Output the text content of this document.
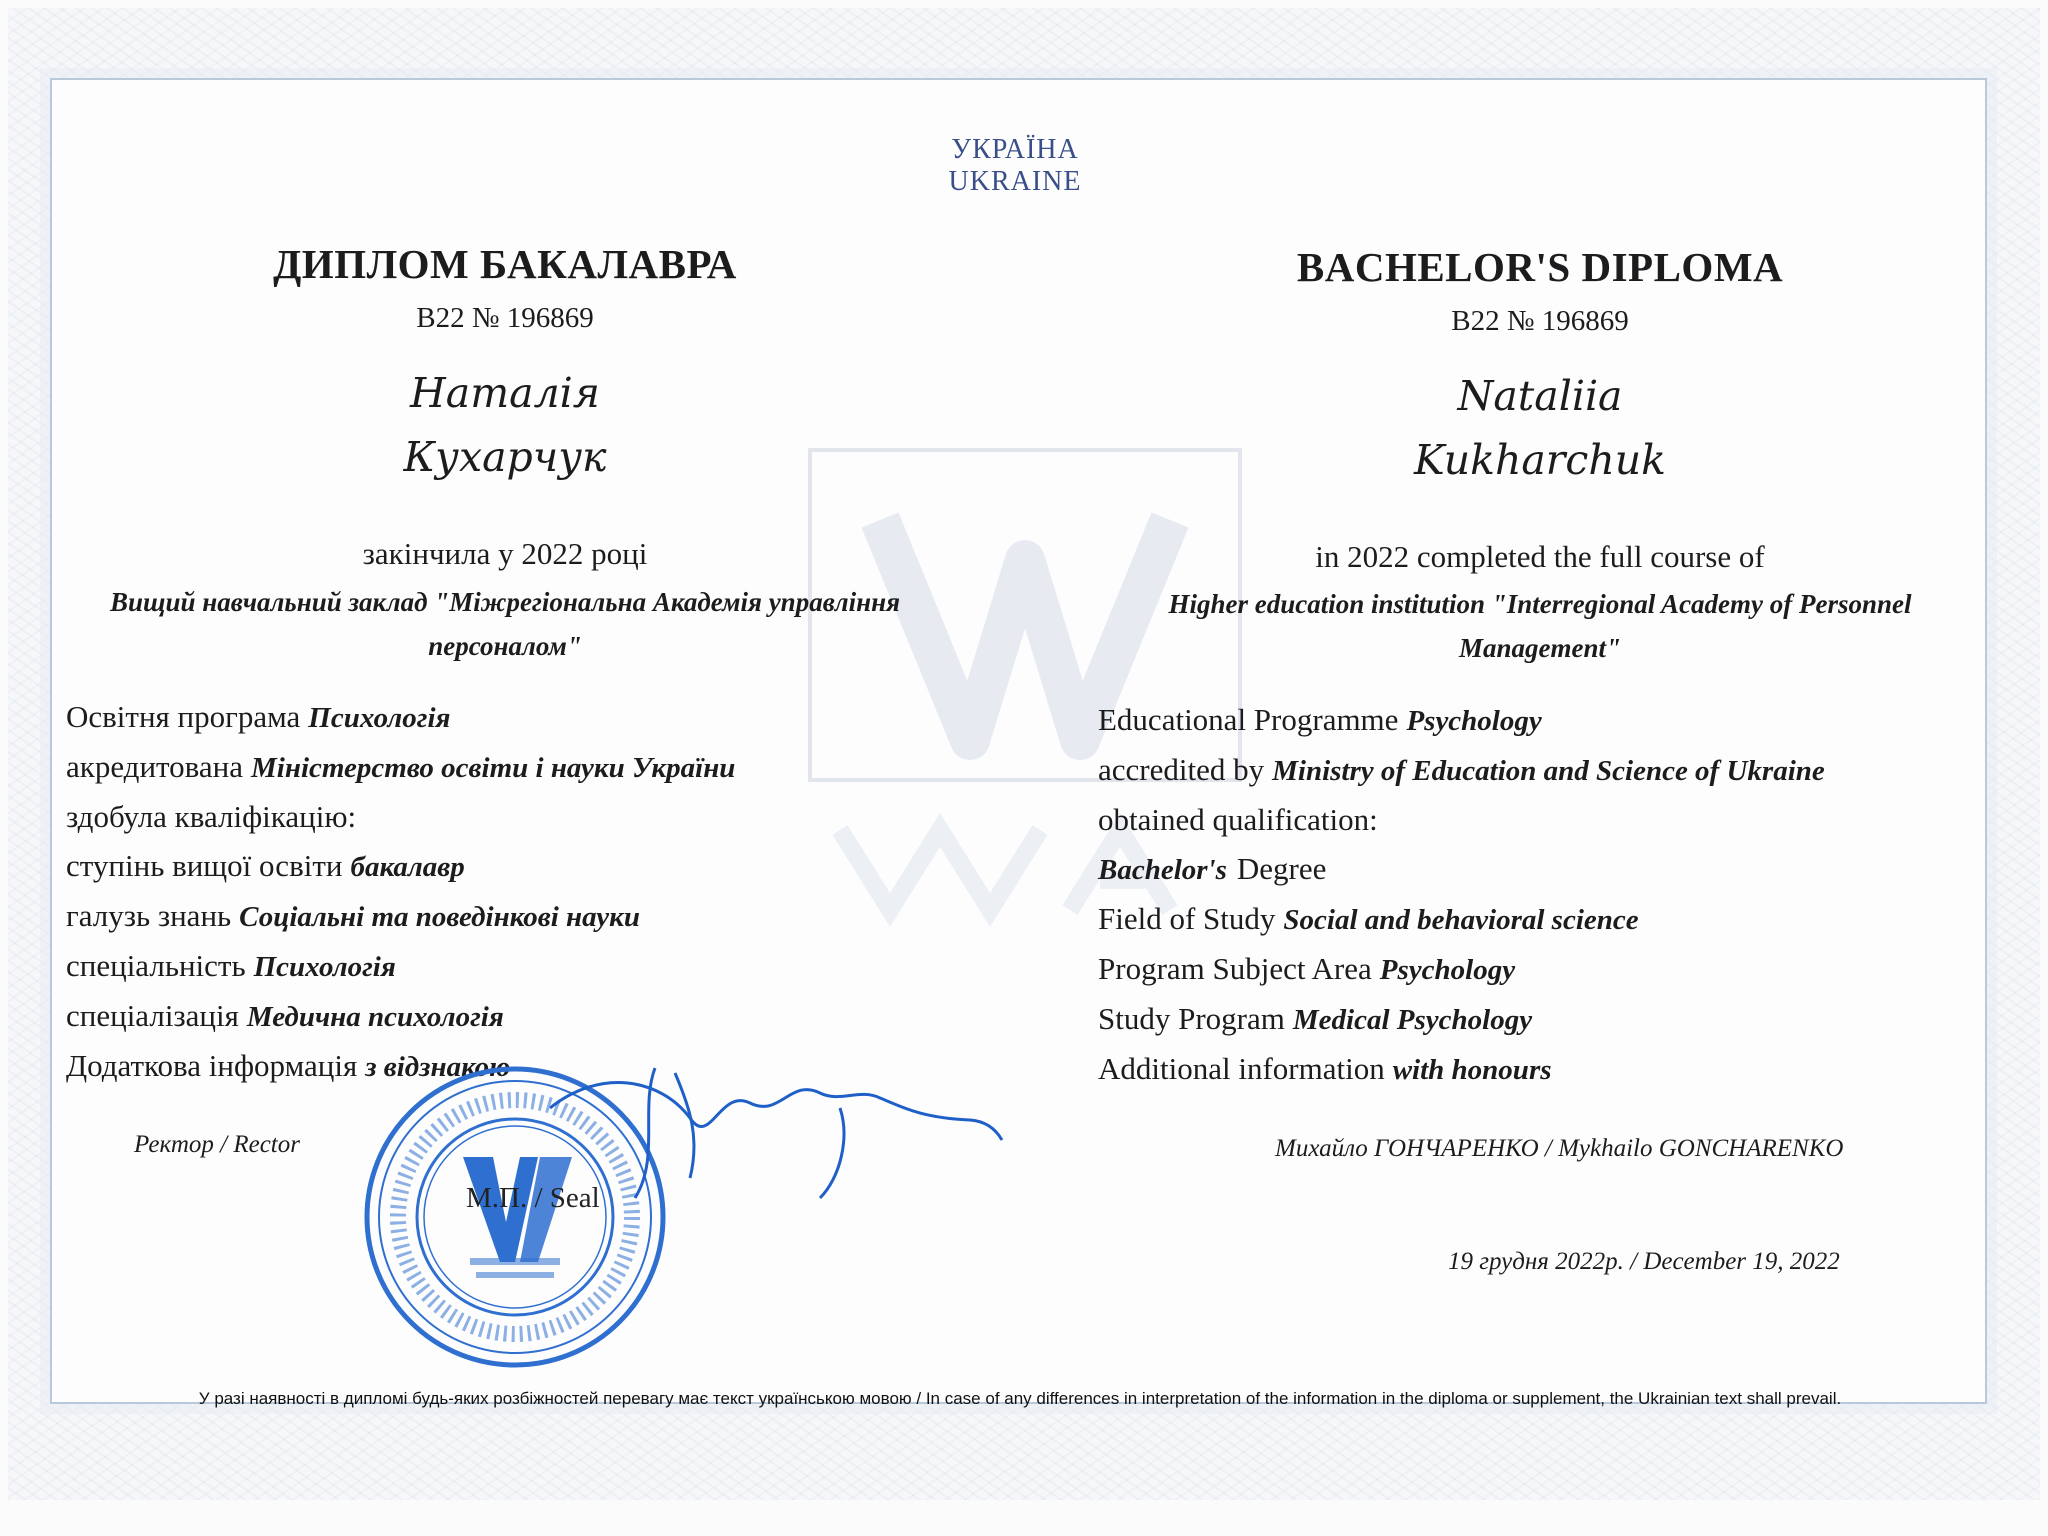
УКРАЇНА
UKRAINE
ДИПЛОМ БАКАЛАВРА
B22 № 196869
Наталія
Кухарчук
закінчила у 2022 році
Вищий навчальний заклад "Міжрегіональна Академія управління персоналом"
Освітня програма Психологія
акредитована Міністерство освіти і науки України
здобула кваліфікацію:
ступінь вищої освіти бакалавр
галузь знань Соціальні та поведінкові науки
спеціальність Психологія
спеціалізація Медична психологія
Додаткова інформація з відзнакою
BACHELOR'S DIPLOMA
B22 № 196869
Nataliia
Kukharchuk
in 2022 completed the full course of
Higher education institution "Interregional Academy of Personnel Management"
Educational Programme Psychology
accredited by Ministry of Education and Science of Ukraine
obtained qualification:
Bachelor's Degree
Field of Study Social and behavioral science
Program Subject Area Psychology
Study Program Medical Psychology
Additional information with honours
Ректор / Rector
М.П. / Seal
Михайло ГОНЧАРЕНКО / Mykhailo GONCHARENKO
19 грудня 2022р. / December 19, 2022
У разі наявності в дипломі будь-яких розбіжностей перевагу має текст українською мовою / In case of any differences in interpretation of the information in the diploma or supplement, the Ukrainian text shall prevail.
